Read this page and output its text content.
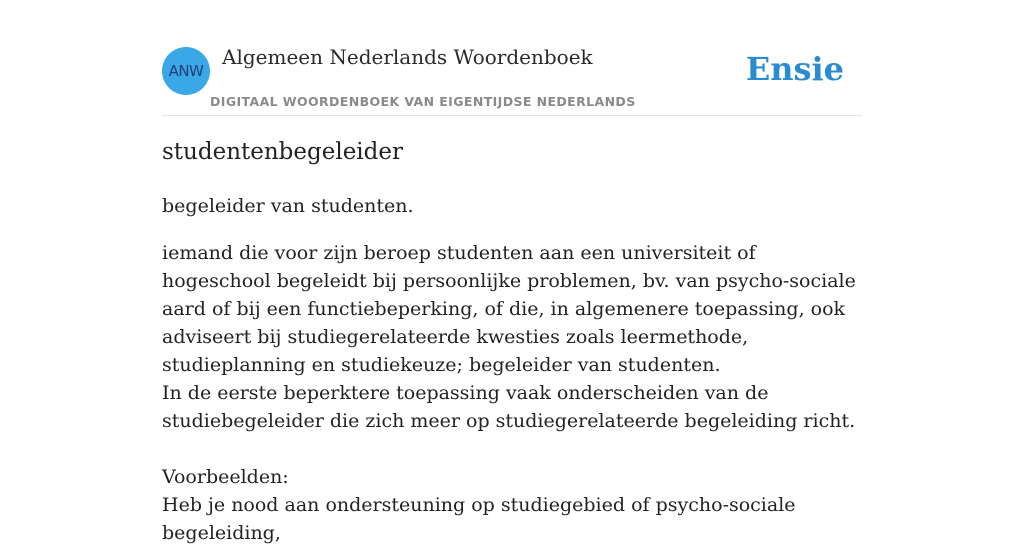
ANW
Algemeen Nederlands Woordenboek
DIGITAAL WOORDENBOEK VAN EIGENTIJDSE NEDERLANDS
Ensie
studentenbegeleider

begeleider van studenten.

iemand die voor zijn beroep studenten aan een universiteit of hogeschool begeleidt bij persoonlijke problemen, bv. van psycho-sociale aard of bij een functiebeperking, of die, in algemenere toepassing, ook adviseert bij studiegerelateerde kwesties zoals leermethode, studieplanning en studiekeuze; begeleider van studenten.

In de eerste beperktere toepassing vaak onderscheiden van de studiebegeleider die zich meer op studiegerelateerde begeleiding richt.

Voorbeelden:

Heb je nood aan ondersteuning op studiegebied of psycho-sociale begeleiding,
